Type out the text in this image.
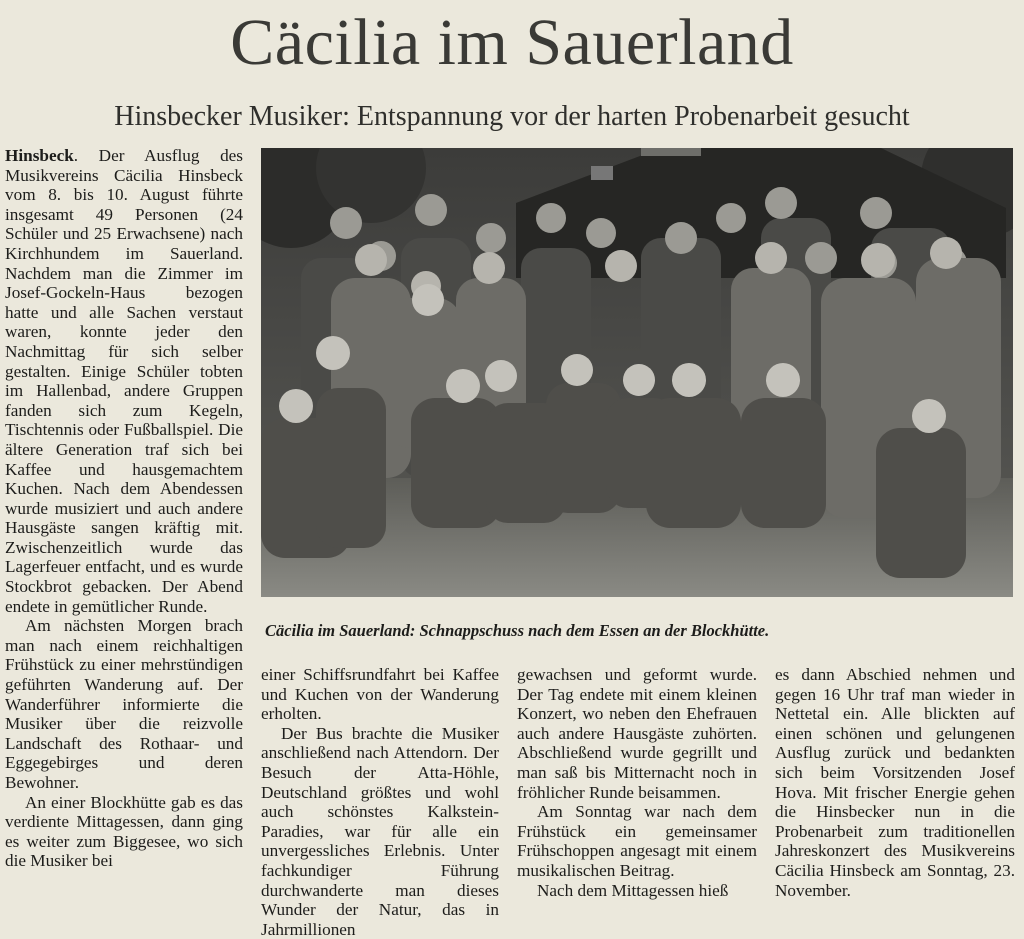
Cäcilia im Sauerland
Hinsbecker Musiker: Entspannung vor der harten Probenarbeit gesucht

Hinsbeck. Der Ausflug des Musikvereins Cäcilia Hinsbeck vom 8. bis 10. August führte insgesamt 49 Personen (24 Schüler und 25 Erwachsene) nach Kirchhundem im Sauerland. Nachdem man die Zimmer im Josef-Gockeln-Haus bezogen hatte und alle Sachen verstaut waren, konnte jeder den Nachmittag für sich selber gestalten. Einige Schüler tobten im Hallenbad, andere Gruppen fanden sich zum Kegeln, Tischtennis oder Fußballspiel. Die ältere Generation traf sich bei Kaffee und hausgemachtem Kuchen. Nach dem Abendessen wurde musiziert und auch andere Hausgäste sangen kräftig mit. Zwischenzeitlich wurde das Lagerfeuer entfacht, und es wurde Stockbrot gebacken. Der Abend endete in gemütlicher Runde.

Am nächsten Morgen brach man nach einem reichhaltigen Frühstück zu einer mehrstündigen geführten Wanderung auf. Der Wanderführer informierte die Musiker über die reizvolle Landschaft des Rothaar- und Eggegebirges und deren Bewohner.

An einer Blockhütte gab es das verdiente Mittagessen, dann ging es weiter zum Biggesee, wo sich die Musiker bei

Cäcilia im Sauerland: Schnappschuss nach dem Essen an der Blockhütte.

einer Schiffsrundfahrt bei Kaffee und Kuchen von der Wanderung erholten.

Der Bus brachte die Musiker anschließend nach Attendorn. Der Besuch der Atta-Höhle, Deutschland größtes und wohl auch schönstes Kalkstein-Paradies, war für alle ein unvergessliches Erlebnis. Unter fachkundiger Führung durchwanderte man dieses Wunder der Natur, das in Jahrmillionen

gewachsen und geformt wurde. Der Tag endete mit einem kleinen Konzert, wo neben den Ehefrauen auch andere Hausgäste zuhörten. Abschließend wurde gegrillt und man saß bis Mitternacht noch in fröhlicher Runde beisammen.

Am Sonntag war nach dem Frühstück ein gemeinsamer Frühschoppen angesagt mit einem musikalischen Beitrag.

Nach dem Mittagessen hieß

es dann Abschied nehmen und gegen 16 Uhr traf man wieder in Nettetal ein. Alle blickten auf einen schönen und gelungenen Ausflug zurück und bedankten sich beim Vorsitzenden Josef Hova. Mit frischer Energie gehen die Hinsbecker nun in die Probenarbeit zum traditionellen Jahreskonzert des Musikvereins Cäcilia Hinsbeck am Sonntag, 23. November.
